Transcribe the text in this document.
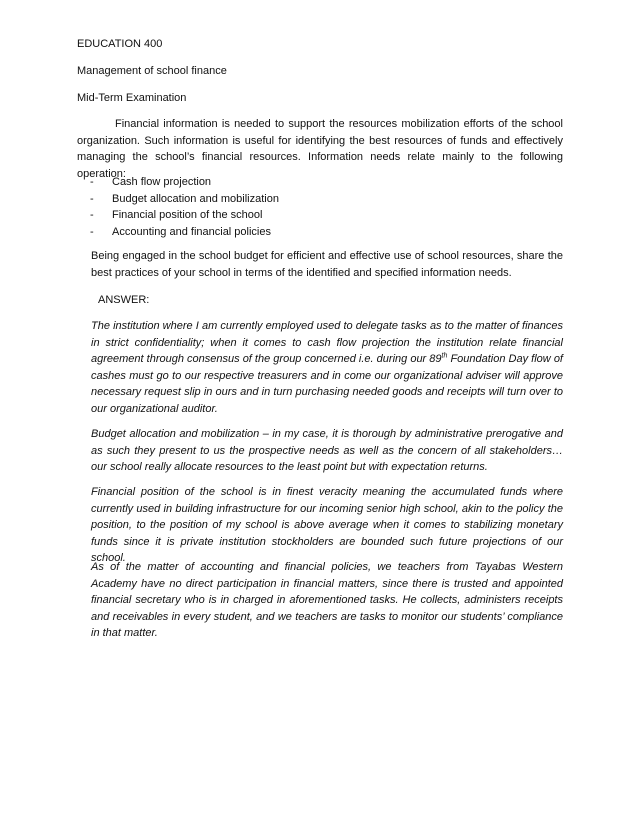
EDUCATION 400
Management of school finance
Mid-Term Examination

Financial information is needed to support the resources mobilization efforts of the school organization. Such information is useful for identifying the best resources of funds and effectively managing the school’s financial resources. Information needs relate mainly to the following operation:

- Cash flow projection
- Budget allocation and mobilization
- Financial position of the school
- Accounting and financial policies

Being engaged in the school budget for efficient and effective use of school resources, share the best practices of your school in terms of the identified and specified information needs.

ANSWER:

The institution where I am currently employed used to delegate tasks as to the matter of finances in strict confidentiality; when it comes to cash flow projection the institution relate financial agreement through consensus of the group concerned i.e. during our 89th Foundation Day flow of cashes must go to our respective treasurers and in come our organizational adviser will approve necessary request slip in ours and in turn purchasing needed goods and receipts will turn over to our organizational auditor.

Budget allocation and mobilization – in my case, it is thorough by administrative prerogative and as such they present to us the prospective needs as well as the concern of all stakeholders… our school really allocate resources to the least point but with expectation returns.

Financial position of the school is in finest veracity meaning the accumulated funds where currently used in building infrastructure for our incoming senior high school, akin to the policy the position, to the position of my school is above average when it comes to stabilizing monetary funds since it is private institution stockholders are bounded such future projections of our school.

As of the matter of accounting and financial policies, we teachers from Tayabas Western Academy have no direct participation in financial matters, since there is trusted and appointed financial secretary who is in charged in aforementioned tasks. He collects, administers receipts and receivables in every student, and we teachers are tasks to monitor our students’ compliance in that matter.
